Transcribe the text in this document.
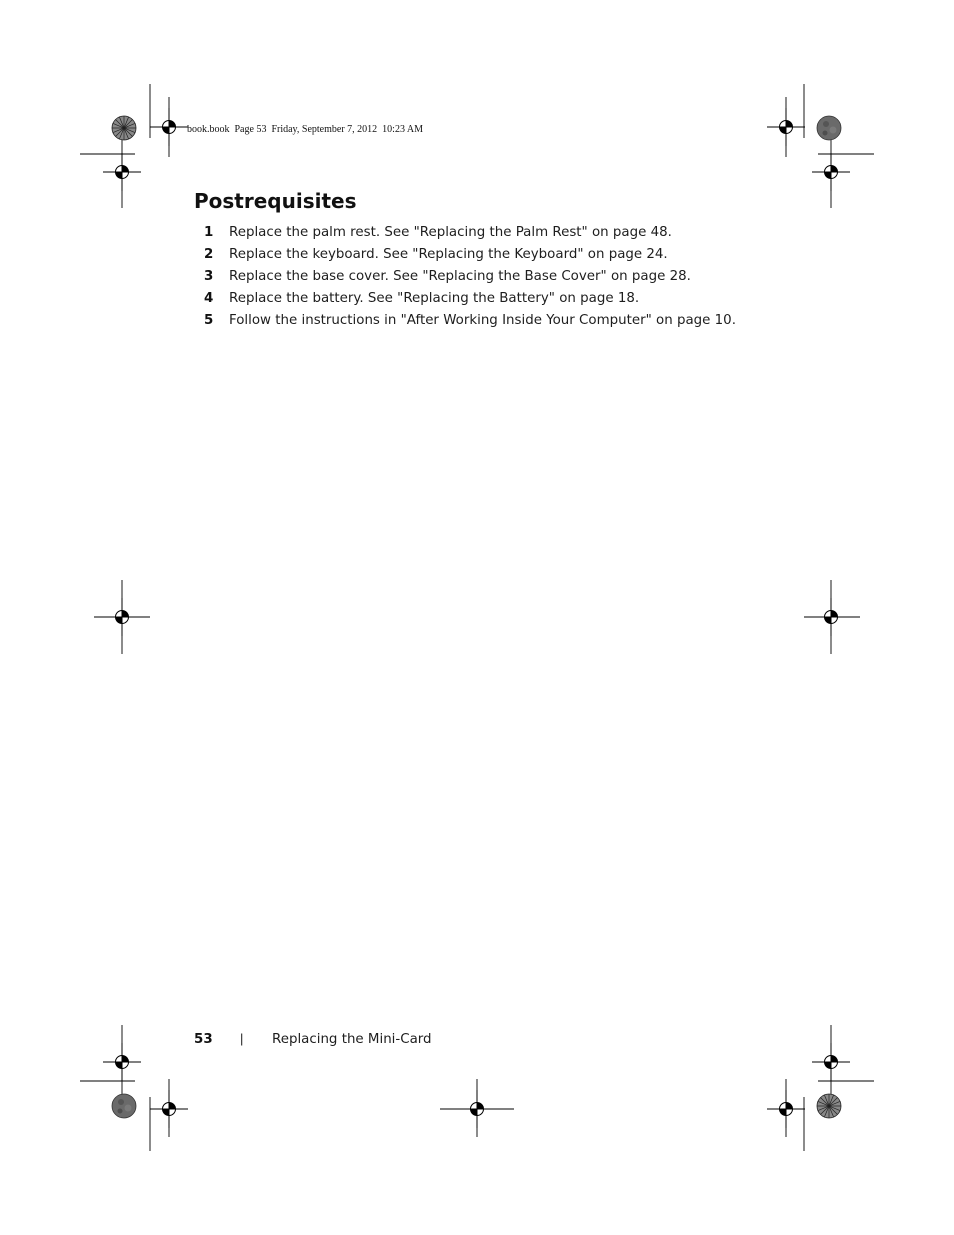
book.book  Page 53  Friday, September 7, 2012  10:23 AM
Postrequisites
1 Replace the palm rest. See "Replacing the Palm Rest" on page 48.
2 Replace the keyboard. See "Replacing the Keyboard" on page 24.
3 Replace the base cover. See "Replacing the Base Cover" on page 28.
4 Replace the battery. See "Replacing the Battery" on page 18.
5 Follow the instructions in "After Working Inside Your Computer" on page 10.
53 | Replacing the Mini-Card
